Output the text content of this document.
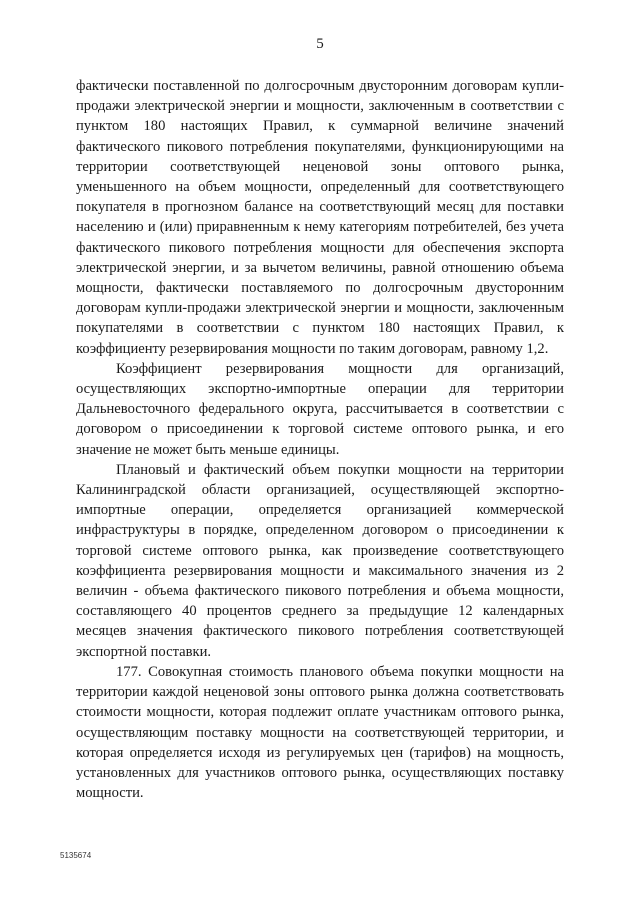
5

фактически поставленной по долгосрочным двусторонним договорам купли-продажи электрической энергии и мощности, заключенным в соответствии с пунктом 180 настоящих Правил, к суммарной величине значений фактического пикового потребления покупателями, функционирующими на территории соответствующей неценовой зоны оптового рынка, уменьшенного на объем мощности, определенный для соответствующего покупателя в прогнозном балансе на соответствующий месяц для поставки населению и (или) приравненным к нему категориям потребителей, без учета фактического пикового потребления мощности для обеспечения экспорта электрической энергии, и за вычетом величины, равной отношению объема мощности, фактически поставляемого по долгосрочным двусторонним договорам купли-продажи электрической энергии и мощности, заключенным покупателями в соответствии с пунктом 180 настоящих Правил, к коэффициенту резервирования мощности по таким договорам, равному 1,2.

Коэффициент резервирования мощности для организаций, осуществляющих экспортно-импортные операции для территории Дальневосточного федерального округа, рассчитывается в соответствии с договором о присоединении к торговой системе оптового рынка, и его значение не может быть меньше единицы.

Плановый и фактический объем покупки мощности на территории Калининградской области организацией, осуществляющей экспортно-импортные операции, определяется организацией коммерческой инфраструктуры в порядке, определенном договором о присоединении к торговой системе оптового рынка, как произведение соответствующего коэффициента резервирования мощности и максимального значения из 2 величин - объема фактического пикового потребления и объема мощности, составляющего 40 процентов среднего за предыдущие 12 календарных месяцев значения фактического пикового потребления соответствующей экспортной поставки.

177. Совокупная стоимость планового объема покупки мощности на территории каждой неценовой зоны оптового рынка должна соответствовать стоимости мощности, которая подлежит оплате участникам оптового рынка, осуществляющим поставку мощности на соответствующей территории, и которая определяется исходя из регулируемых цен (тарифов) на мощность, установленных для участников оптового рынка, осуществляющих поставку мощности.

5135674
